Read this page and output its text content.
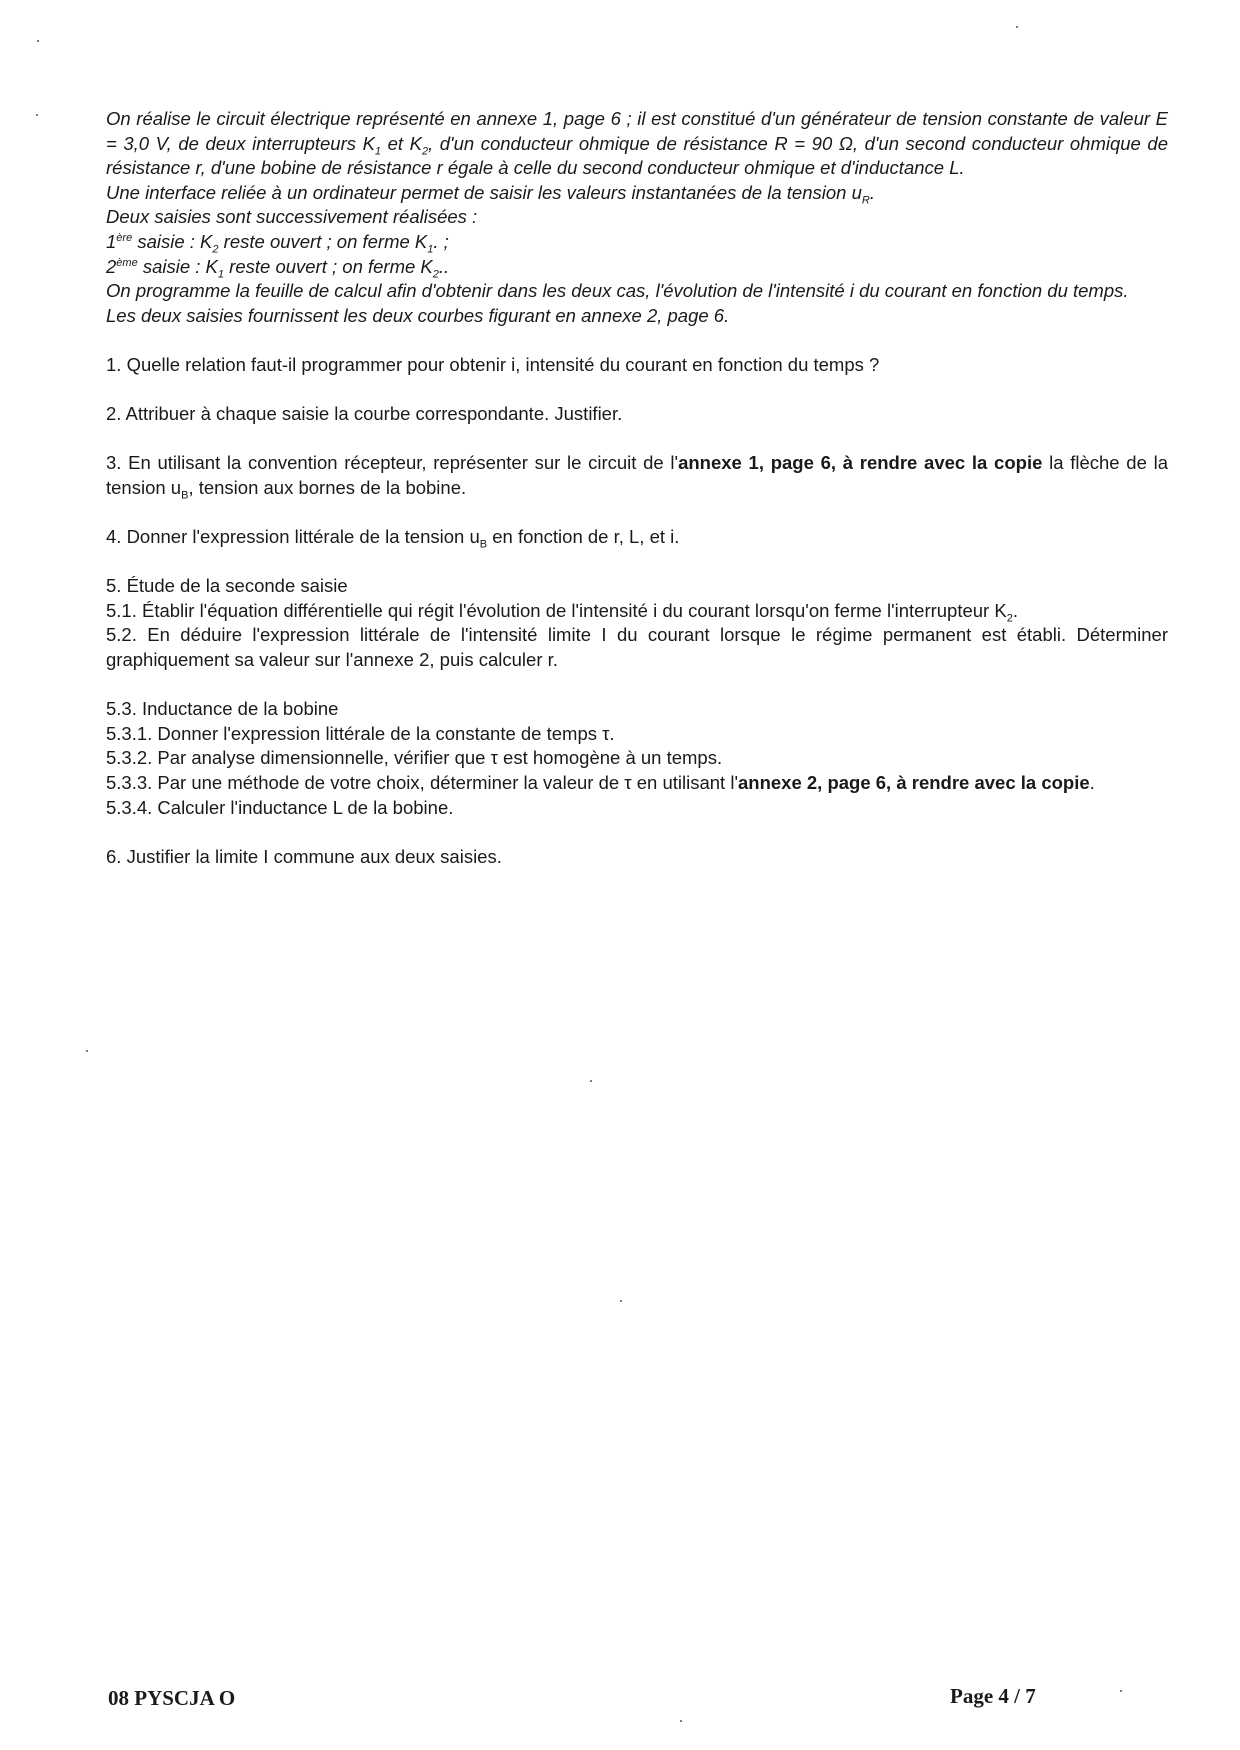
On réalise le circuit électrique représenté en annexe 1, page 6 ; il est constitué d'un générateur de tension constante de valeur E = 3,0 V, de deux interrupteurs $K_1$ et $K_2$, d'un conducteur ohmique de résistance R = 90 Ω, d'un second conducteur ohmique de résistance r, d'une bobine de résistance r égale à celle du second conducteur ohmique et d'inductance L.

Une interface reliée à un ordinateur permet de saisir les valeurs instantanées de la tension $u_R$.

Deux saisies sont successivement réalisées :

1ère saisie : $K_2$ reste ouvert ; on ferme $K_1$. ;

2ème saisie : $K_1$ reste ouvert ; on ferme $K_2$..

On programme la feuille de calcul afin d'obtenir dans les deux cas, l'évolution de l'intensité i du courant en fonction du temps.

Les deux saisies fournissent les deux courbes figurant en annexe 2, page 6.

1. Quelle relation faut-il programmer pour obtenir i, intensité du courant en fonction du temps ?

2. Attribuer à chaque saisie la courbe correspondante. Justifier.

3. En utilisant la convention récepteur, représenter sur le circuit de l'annexe 1, page 6, à rendre avec la copie la flèche de la tension $u_B$, tension aux bornes de la bobine.

4. Donner l'expression littérale de la tension $u_B$ en fonction de r, L, et i.

5. Étude de la seconde saisie

5.1. Établir l'équation différentielle qui régit l'évolution de l'intensité i du courant lorsqu'on ferme l'interrupteur $K_2$.

5.2. En déduire l'expression littérale de l'intensité limite I du courant lorsque le régime permanent est établi. Déterminer graphiquement sa valeur sur l'annexe 2, puis calculer r.

5.3. Inductance de la bobine

5.3.1. Donner l'expression littérale de la constante de temps τ.

5.3.2. Par analyse dimensionnelle, vérifier que τ est homogène à un temps.

5.3.3. Par une méthode de votre choix, déterminer la valeur de τ en utilisant l'annexe 2, page 6, à rendre avec la copie.

5.3.4. Calculer l'inductance L de la bobine.

6. Justifier la limite I commune aux deux saisies.

08 PYSCJA O	Page 4 / 7
